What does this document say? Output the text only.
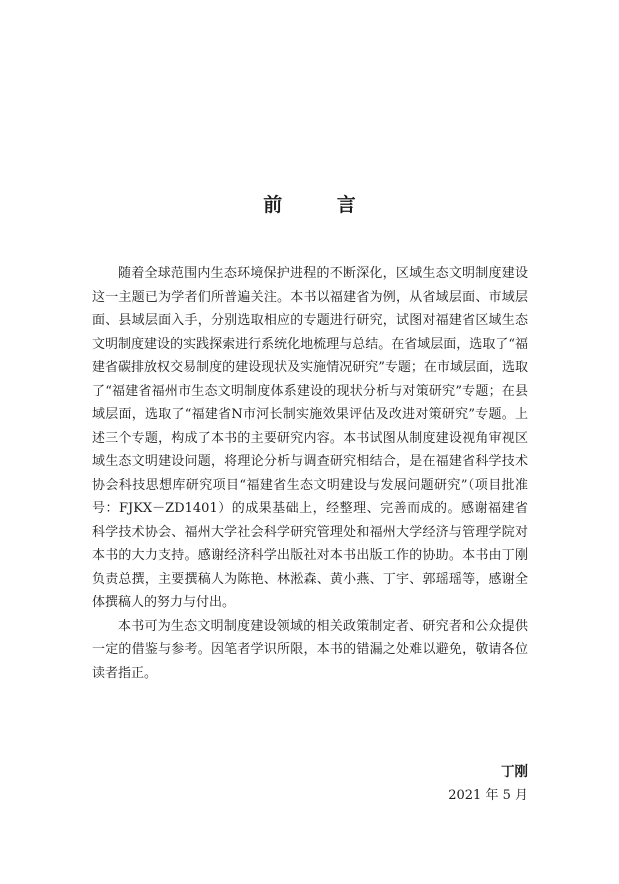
前 言

随着全球范围内生态环境保护进程的不断深化，区域生态文明制度建设这一主题已为学者们所普遍关注。本书以福建省为例，从省域层面、市域层面、县域层面入手，分别选取相应的专题进行研究，试图对福建省区域生态文明制度建设的实践探索进行系统化地梳理与总结。在省域层面，选取了“福建省碳排放权交易制度的建设现状及实施情况研究”专题；在市域层面，选取了“福建省福州市生态文明制度体系建设的现状分析与对策研究”专题；在县域层面，选取了“福建省N市河长制实施效果评估及改进对策研究”专题。上述三个专题，构成了本书的主要研究内容。本书试图从制度建设视角审视区域生态文明建设问题，将理论分析与调查研究相结合，是在福建省科学技术协会科技思想库研究项目“福建省生态文明建设与发展问题研究”（项目批准号：FJKX－ZD1401）的成果基础上，经整理、完善而成的。感谢福建省科学技术协会、福州大学社会科学研究管理处和福州大学经济与管理学院对本书的大力支持。感谢经济科学出版社对本书出版工作的协助。本书由丁刚负责总撰，主要撰稿人为陈艳、林淞森、黄小燕、丁宇、郭瑶瑶等，感谢全体撰稿人的努力与付出。

本书可为生态文明制度建设领域的相关政策制定者、研究者和公众提供一定的借鉴与参考。因笔者学识所限，本书的错漏之处难以避免，敬请各位读者指正。

丁刚
2021 年 5 月
